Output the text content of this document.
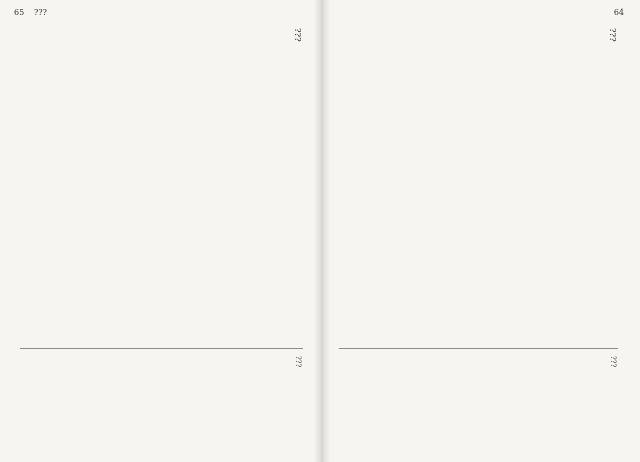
65 ???
???
???
64
???
???
